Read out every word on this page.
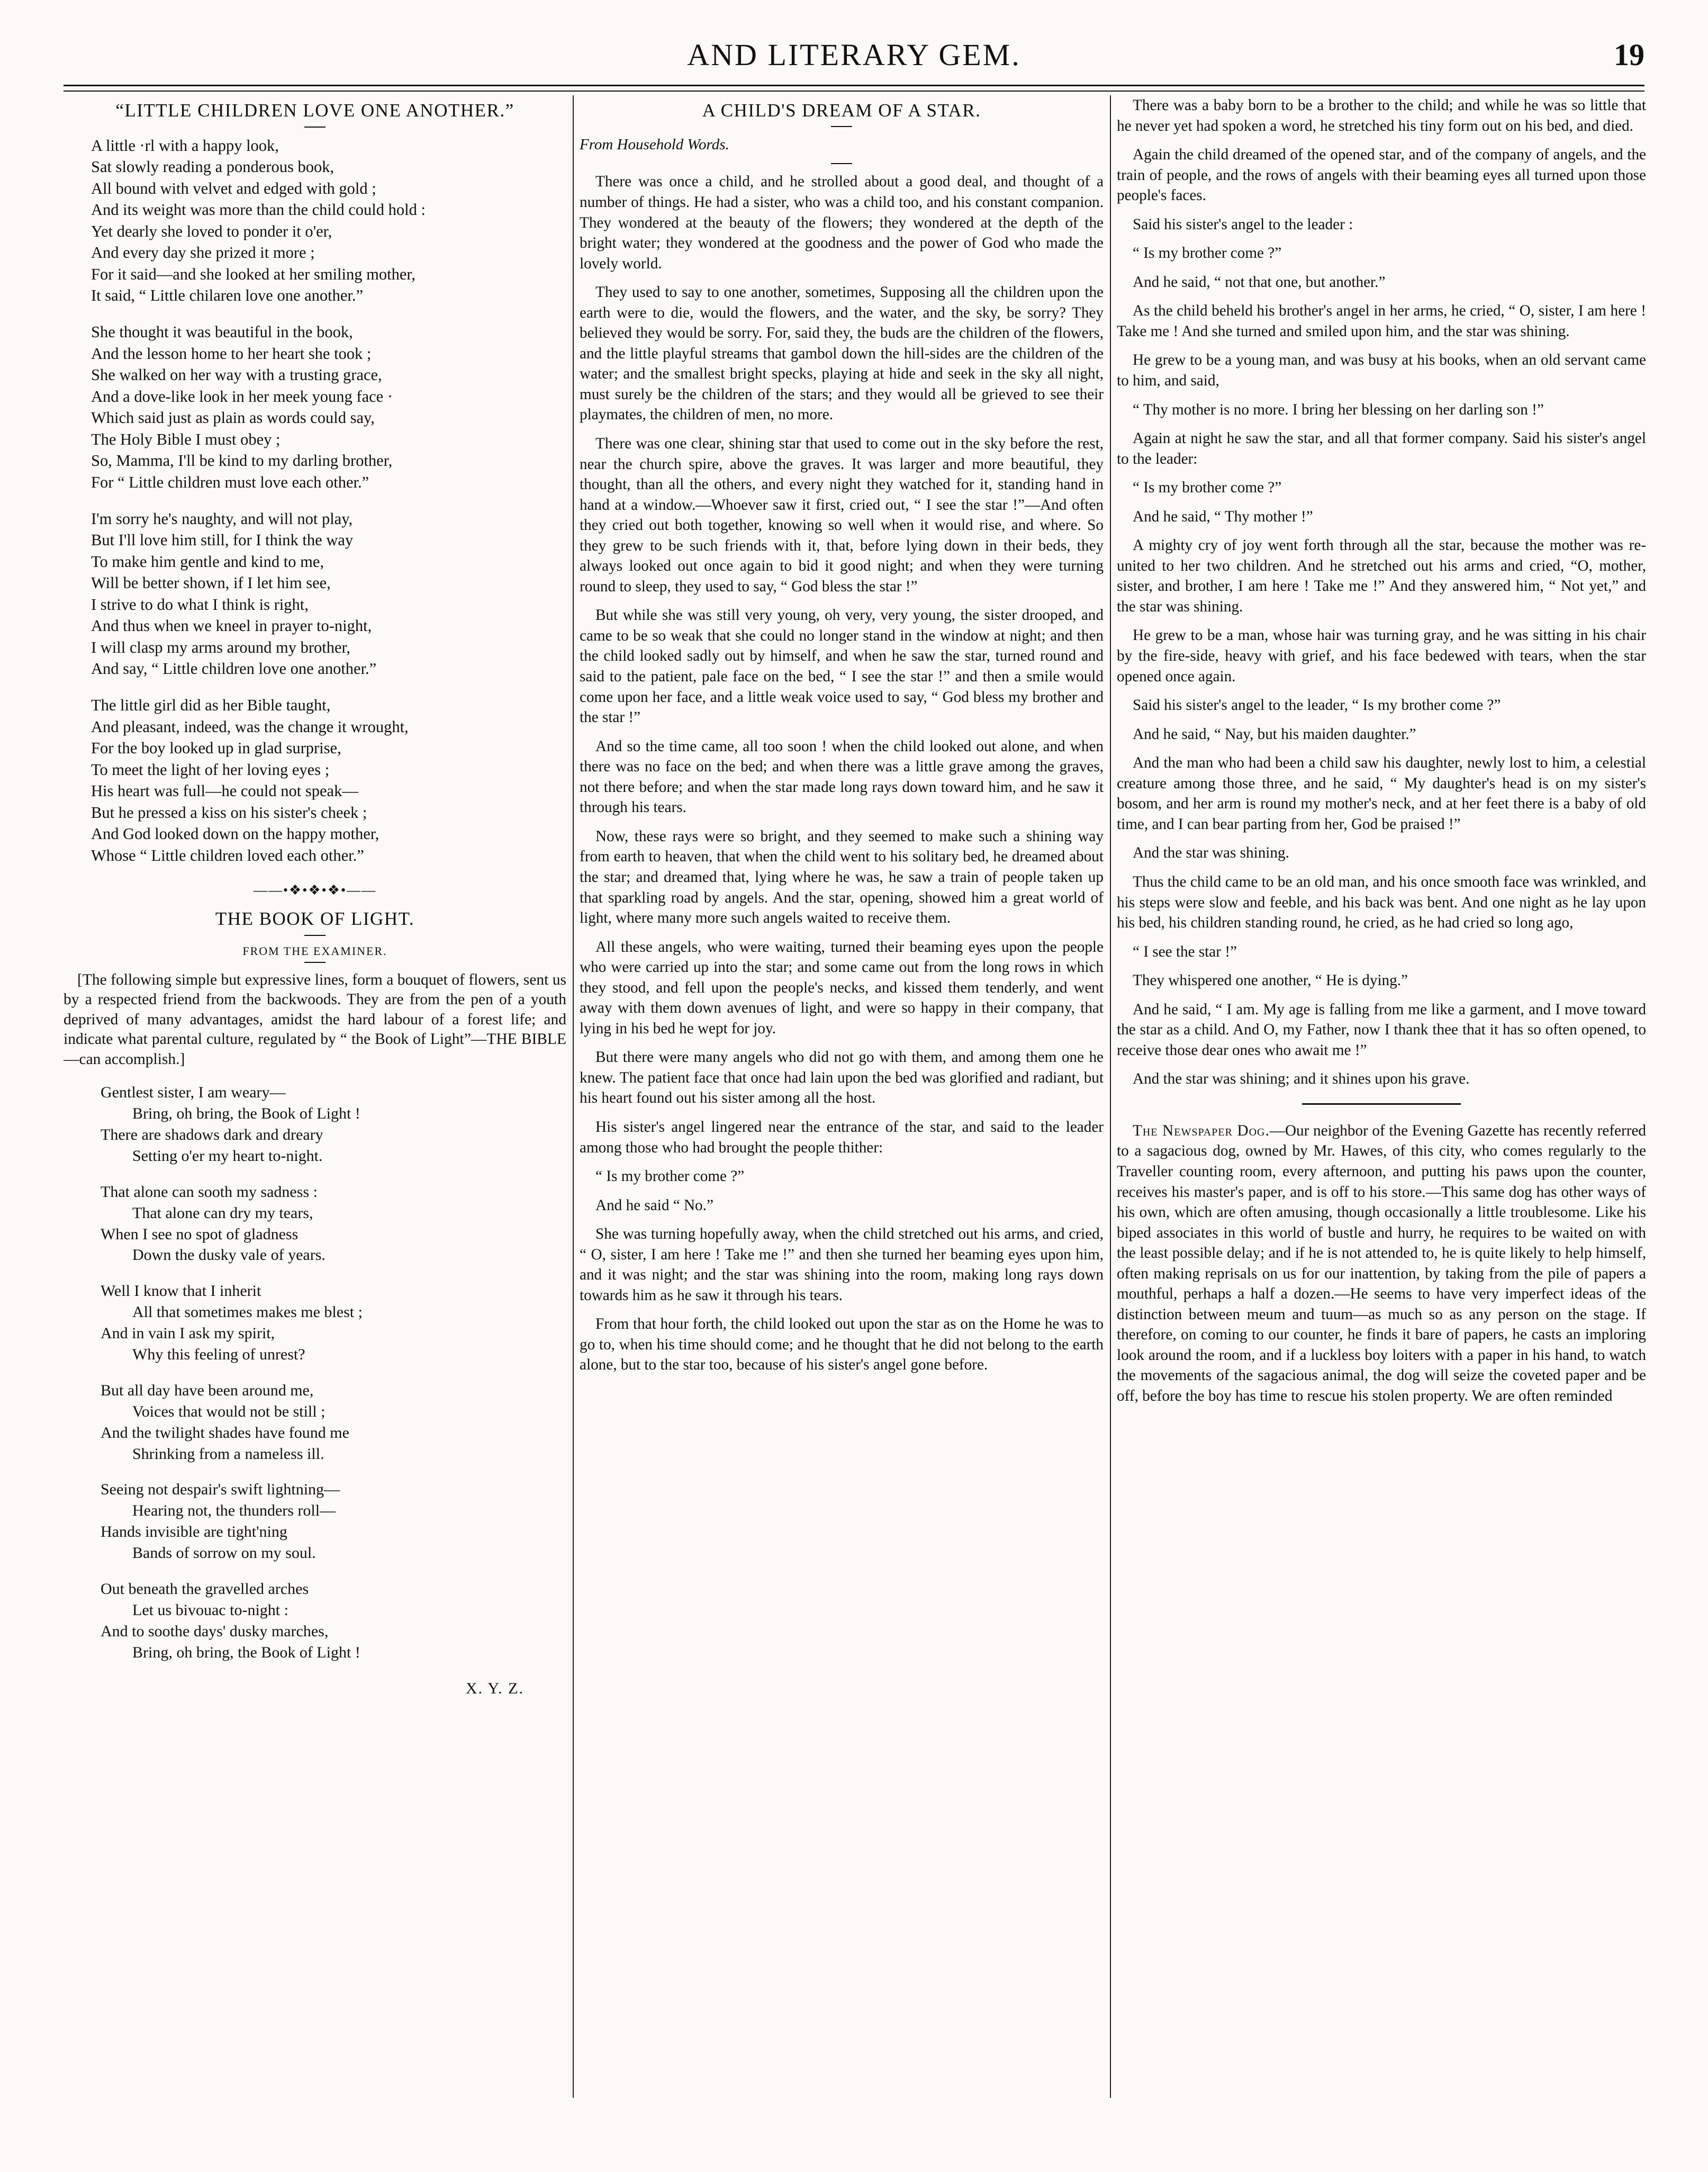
AND LITERARY GEM.	19
“LITTLE CHILDREN LOVE ONE ANOTHER.”
A little ·rl with a happy look,
Sat slowly reading a ponderous book,
All bound with velvet and edged with gold ;
And its weight was more than the child could hold :
Yet dearly she loved to ponder it o'er,
And every day she prized it more ;
For it said—and she looked at her smiling mother,
It said, “ Little chilaren love one another.”
She thought it was beautiful in the book,
And the lesson home to her heart she took ;
She walked on her way with a trusting grace,
And a dove-like look in her meek young face ·
Which said just as plain as words could say,
The Holy Bible I must obey ;
So, Mamma, I'll be kind to my darling brother,
For “ Little children must love each other.”
I'm sorry he's naughty, and will not play,
But I'll love him still, for I think the way
To make him gentle and kind to me,
Will be better shown, if I let him see,
I strive to do what I think is right,
And thus when we kneel in prayer to-night,
I will clasp my arms around my brother,
And say, “ Little children love one another.”
The little girl did as her Bible taught,
And pleasant, indeed, was the change it wrought,
For the boy looked up in glad surprise,
To meet the light of her loving eyes ;
His heart was full—he could not speak—
But he pressed a kiss on his sister's cheek ;
And God looked down on the happy mother,
Whose “ Little children loved each other.”
——•❖•❖•❖•——
THE BOOK OF LIGHT.

FROM THE EXAMINER.

[The following simple but expressive lines, form a bouquet of flowers, sent us by a respected friend from the backwoods. They are from the pen of a youth deprived of many advantages, amidst the hard labour of a forest life; and indicate what parental culture, regulated by “ the Book of Light”—THE BIBLE—can accomplish.]

Gentlest sister, I am weary—
Bring, oh bring, the Book of Light !
There are shadows dark and dreary
Setting o'er my heart to-night.
That alone can sooth my sadness :
That alone can dry my tears,
When I see no spot of gladness
Down the dusky vale of years.
Well I know that I inherit
All that sometimes makes me blest ;
And in vain I ask my spirit,
Why this feeling of unrest?
But all day have been around me,
Voices that would not be still ;
And the twilight shades have found me
Shrinking from a nameless ill.
Seeing not despair's swift lightning—
Hearing not, the thunders roll—
Hands invisible are tight'ning
Bands of sorrow on my soul.
Out beneath the gravelled arches
Let us bivouac to-night :
And to soothe days' dusky marches,
Bring, oh bring, the Book of Light !
X. Y. Z.
A CHILD'S DREAM OF A STAR.

From Household Words.

There was once a child, and he strolled about a good deal, and thought of a number of things. He had a sister, who was a child too, and his constant companion. They wondered at the beauty of the flowers; they wondered at the depth of the bright water; they wondered at the goodness and the power of God who made the lovely world.

They used to say to one another, sometimes, Supposing all the children upon the earth were to die, would the flowers, and the water, and the sky, be sorry? They believed they would be sorry. For, said they, the buds are the children of the flowers, and the little playful streams that gambol down the hill-sides are the children of the water; and the smallest bright specks, playing at hide and seek in the sky all night, must surely be the children of the stars; and they would all be grieved to see their playmates, the children of men, no more.

There was one clear, shining star that used to come out in the sky before the rest, near the church spire, above the graves. It was larger and more beautiful, they thought, than all the others, and every night they watched for it, standing hand in hand at a window.—Whoever saw it first, cried out, “ I see the star !”—And often they cried out both together, knowing so well when it would rise, and where. So they grew to be such friends with it, that, before lying down in their beds, they always looked out once again to bid it good night; and when they were turning round to sleep, they used to say, “ God bless the star !”

But while she was still very young, oh very, very young, the sister drooped, and came to be so weak that she could no longer stand in the window at night; and then the child looked sadly out by himself, and when he saw the star, turned round and said to the patient, pale face on the bed, “ I see the star !” and then a smile would come upon her face, and a little weak voice used to say, “ God bless my brother and the star !”

And so the time came, all too soon ! when the child looked out alone, and when there was no face on the bed; and when there was a little grave among the graves, not there before; and when the star made long rays down toward him, and he saw it through his tears.

Now, these rays were so bright, and they seemed to make such a shining way from earth to heaven, that when the child went to his solitary bed, he dreamed about the star; and dreamed that, lying where he was, he saw a train of people taken up that sparkling road by angels. And the star, opening, showed him a great world of light, where many more such angels waited to receive them.

All these angels, who were waiting, turned their beaming eyes upon the people who were carried up into the star; and some came out from the long rows in which they stood, and fell upon the people's necks, and kissed them tenderly, and went away with them down avenues of light, and were so happy in their company, that lying in his bed he wept for joy.

But there were many angels who did not go with them, and among them one he knew. The patient face that once had lain upon the bed was glorified and radiant, but his heart found out his sister among all the host.

His sister's angel lingered near the entrance of the star, and said to the leader among those who had brought the people thither:

“ Is my brother come ?”

And he said “ No.”

She was turning hopefully away, when the child stretched out his arms, and cried, “ O, sister, I am here ! Take me !” and then she turned her beaming eyes upon him, and it was night; and the star was shining into the room, making long rays down towards him as he saw it through his tears.

From that hour forth, the child looked out upon the star as on the Home he was to go to, when his time should come; and he thought that he did not belong to the earth alone, but to the star too, because of his sister's angel gone before.

There was a baby born to be a brother to the child; and while he was so little that he never yet had spoken a word, he stretched his tiny form out on his bed, and died.

Again the child dreamed of the opened star, and of the company of angels, and the train of people, and the rows of angels with their beaming eyes all turned upon those people's faces.

Said his sister's angel to the leader :

“ Is my brother come ?”

And he said, “ not that one, but another.”

As the child beheld his brother's angel in her arms, he cried, “ O, sister, I am here ! Take me ! And she turned and smiled upon him, and the star was shining.

He grew to be a young man, and was busy at his books, when an old servant came to him, and said,

“ Thy mother is no more. I bring her blessing on her darling son !”

Again at night he saw the star, and all that former company. Said his sister's angel to the leader:

“ Is my brother come ?”

And he said, “ Thy mother !”

A mighty cry of joy went forth through all the star, because the mother was re-united to her two children. And he stretched out his arms and cried, “O, mother, sister, and brother, I am here ! Take me !” And they answered him, “ Not yet,” and the star was shining.

He grew to be a man, whose hair was turning gray, and he was sitting in his chair by the fire-side, heavy with grief, and his face bedewed with tears, when the star opened once again.

Said his sister's angel to the leader, “ Is my brother come ?”

And he said, “ Nay, but his maiden daughter.”

And the man who had been a child saw his daughter, newly lost to him, a celestial creature among those three, and he said, “ My daughter's head is on my sister's bosom, and her arm is round my mother's neck, and at her feet there is a baby of old time, and I can bear parting from her, God be praised !”

And the star was shining.

Thus the child came to be an old man, and his once smooth face was wrinkled, and his steps were slow and feeble, and his back was bent. And one night as he lay upon his bed, his children standing round, he cried, as he had cried so long ago,

“ I see the star !”

They whispered one another, “ He is dying.”

And he said, “ I am. My age is falling from me like a garment, and I move toward the star as a child. And O, my Father, now I thank thee that it has so often opened, to receive those dear ones who await me !”

And the star was shining; and it shines upon his grave.

The Newspaper Dog.—Our neighbor of the Evening Gazette has recently referred to a sagacious dog, owned by Mr. Hawes, of this city, who comes regularly to the Traveller counting room, every afternoon, and putting his paws upon the counter, receives his master's paper, and is off to his store.—This same dog has other ways of his own, which are often amusing, though occasionally a little troublesome. Like his biped associates in this world of bustle and hurry, he requires to be waited on with the least possible delay; and if he is not attended to, he is quite likely to help himself, often making reprisals on us for our inattention, by taking from the pile of papers a mouthful, perhaps a half a dozen.—He seems to have very imperfect ideas of the distinction between meum and tuum—as much so as any person on the stage. If therefore, on coming to our counter, he finds it bare of papers, he casts an imploring look around the room, and if a luckless boy loiters with a paper in his hand, to watch the movements of the sagacious animal, the dog will seize the coveted paper and be off, before the boy has time to rescue his stolen property. We are often reminded
